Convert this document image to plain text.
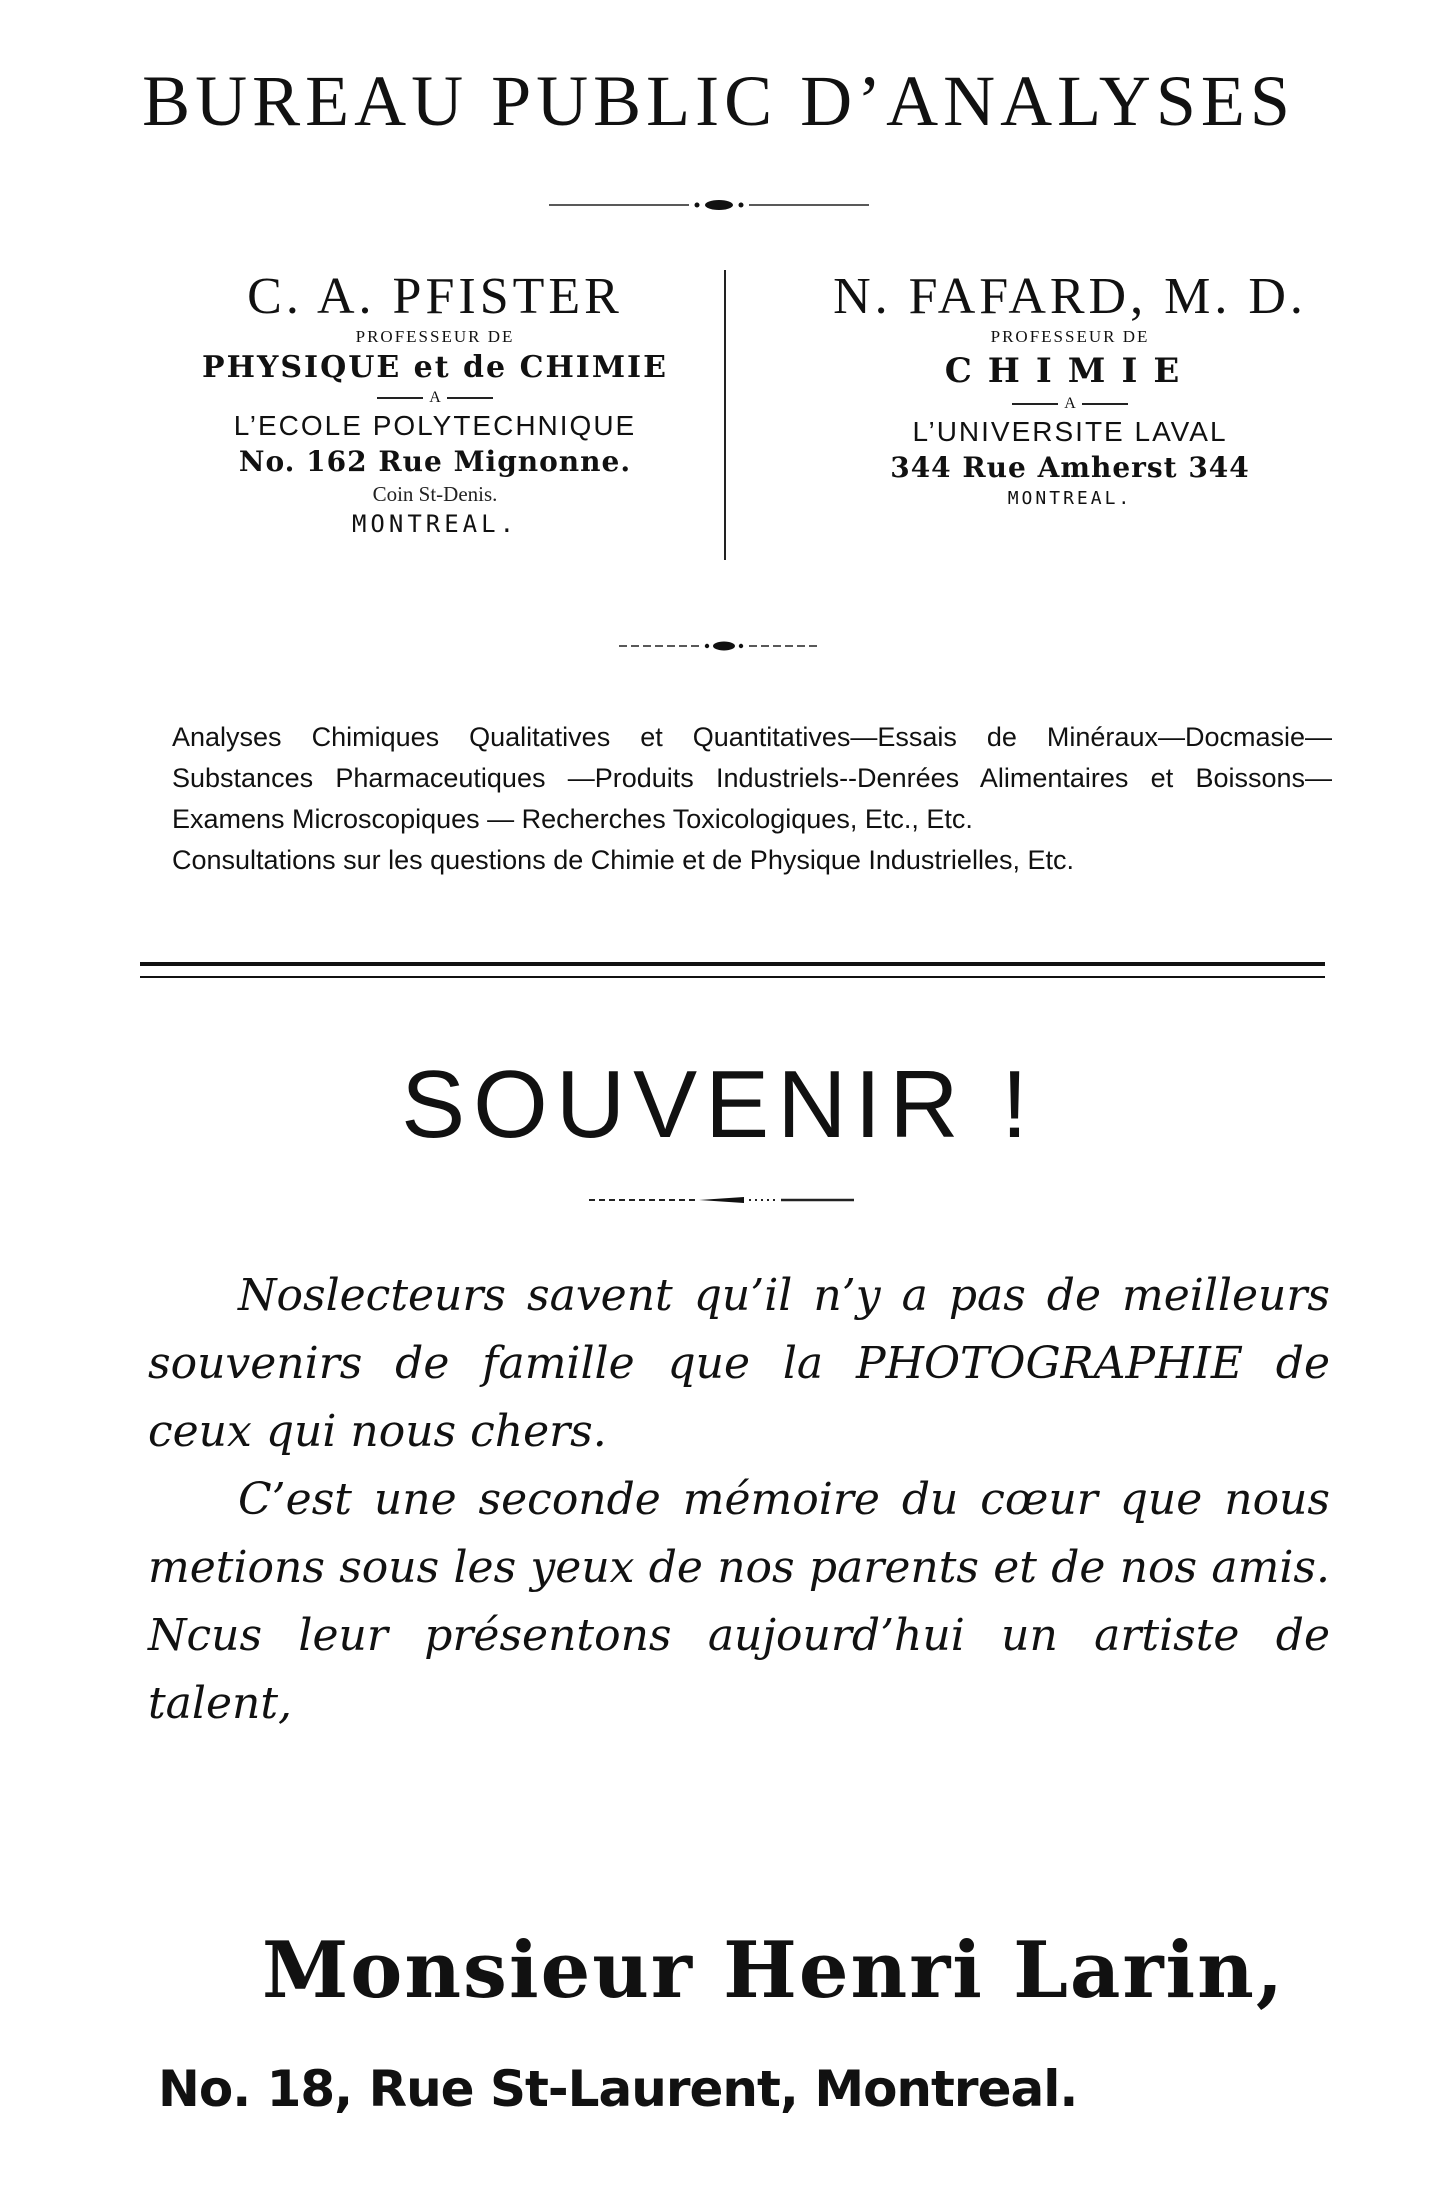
BUREAU PUBLIC D’ANALYSES
C. A. PFISTER
PROFESSEUR DE
PHYSIQUE et de CHIMIE
A
L’ECOLE POLYTECHNIQUE
No. 162 Rue Mignonne.
Coin St-Denis.
MONTREAL.
N. FAFARD, M. D.
PROFESSEUR DE
CHIMIE
A
L’UNIVERSITE LAVAL
344 Rue Amherst 344
MONTREAL.

Analyses Chimiques Qualitatives et Quantitatives—Essais de Minéraux—Docmasie—Substances Pharmaceutiques —Produits Industriels--Denrées Alimentaires et Boissons—Examens Microscopiques — Recherches Toxicologiques, Etc., Etc.

Consultations sur les questions de Chimie et de Physique Industrielles, Etc.

SOUVENIR !

Noslecteurs savent qu’il n’y a pas de meilleurs souvenirs de famille que la PHOTOGRAPHIE de ceux qui nous chers.

C’est une seconde mémoire du cœur que nous metions sous les yeux de nos parents et de nos amis. Ncus leur présentons aujourd’hui un artiste de talent,

Monsieur Henri Larin,
No. 18, Rue St-Laurent, Montreal.
